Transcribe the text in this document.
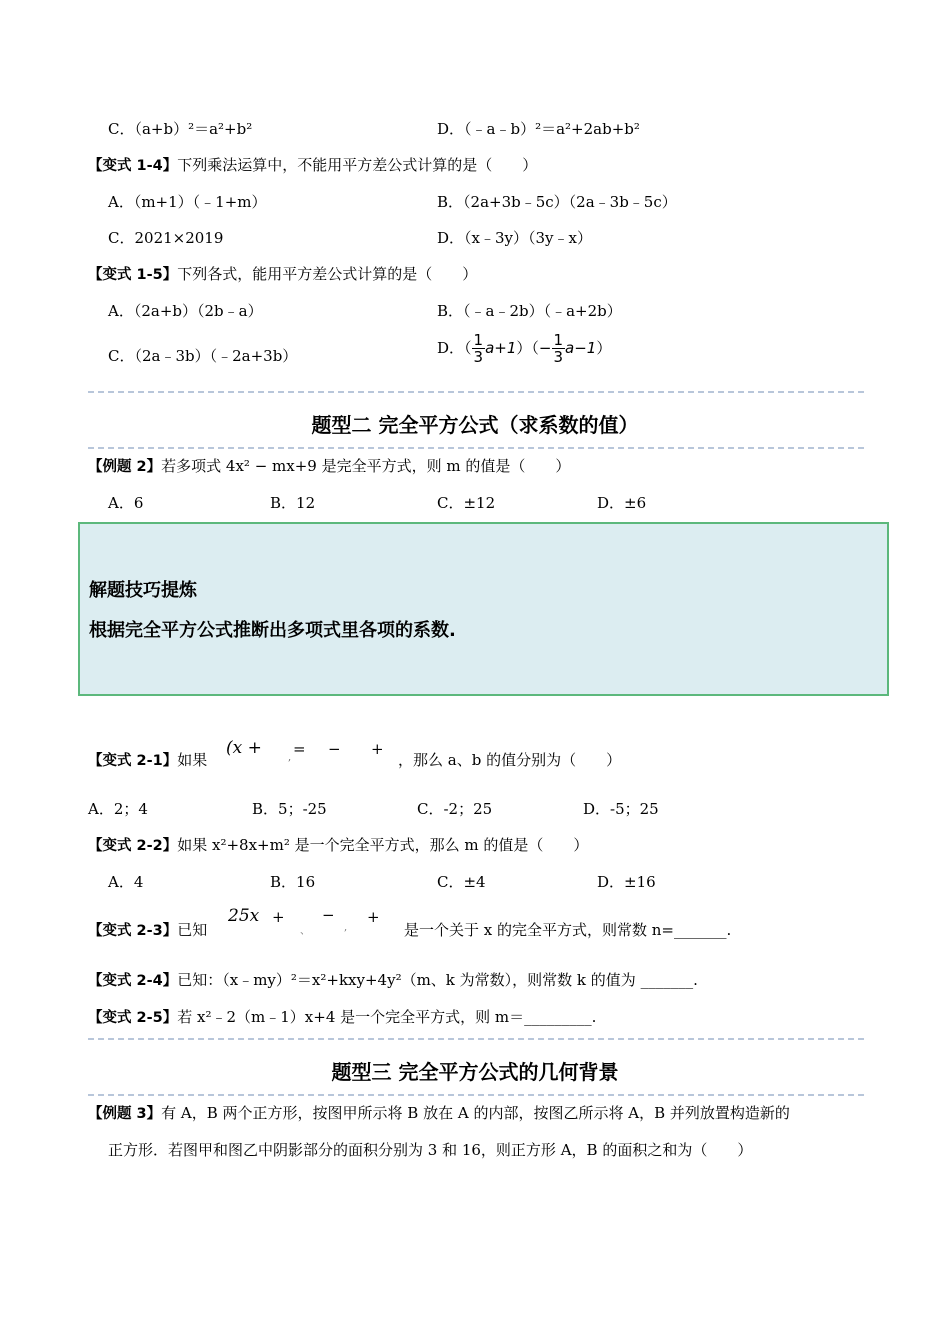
C．（a+b）²＝a²+b²	D．（﹣a﹣b）²＝a²+2ab+b²
【变式 1-4】下列乘法运算中，不能用平方差公式计算的是（　　）
A．（m+1）（﹣1+m）	B．（2a+3b﹣5c）（2a﹣3b﹣5c）
C．2021×2019	D．（x﹣3y）（3y﹣x）
【变式 1-5】下列各式，能用平方差公式计算的是（　　）
A．（2a+b）（2b﹣a）	B．（﹣a﹣2b）（﹣a+2b）
C．（2a﹣3b）（﹣2a+3b）	D．（ $\frac{1}{3} a+1)(- \frac{1}{3} a-1)$
题型二 完全平方公式（求系数的值）
【例题 2】若多项式 4x² − mx+9 是完全平方式，则 m 的值是（　　）
A．6	B．12	C．±12	D．±6
解题技巧提炼
根据完全平方公式推断出多项式里各项的系数.
【变式 2-1】如果
(x +	, = − +
，那么 a、b 的值分别为（　　）
A．2；4	B．5；-25	C．-2；25	D．-5；25
【变式 2-2】如果 x²+8x+m² 是一个完全平方式，那么 m 的值是（　　）
A．4	B．16	C．±4	D．±16
【变式 2-3】已知
25x +
、
−
,
+
是一个关于 x 的完全平方式，则常数 n=_______.
【变式 2-4】已知：（x﹣my）²＝x²+kxy+4y²（m、k 为常数），则常数 k 的值为 _______.
【变式 2-5】若 x²﹣2（m﹣1）x+4 是一个完全平方式，则 m＝_________.
题型三 完全平方公式的几何背景
【例题 3】有 A，B 两个正方形，按图甲所示将 B 放在 A 的内部，按图乙所示将 A，B 并列放置构造新的
正方形．若图甲和图乙中阴影部分的面积分别为 3 和 16，则正方形 A，B 的面积之和为（　　）
